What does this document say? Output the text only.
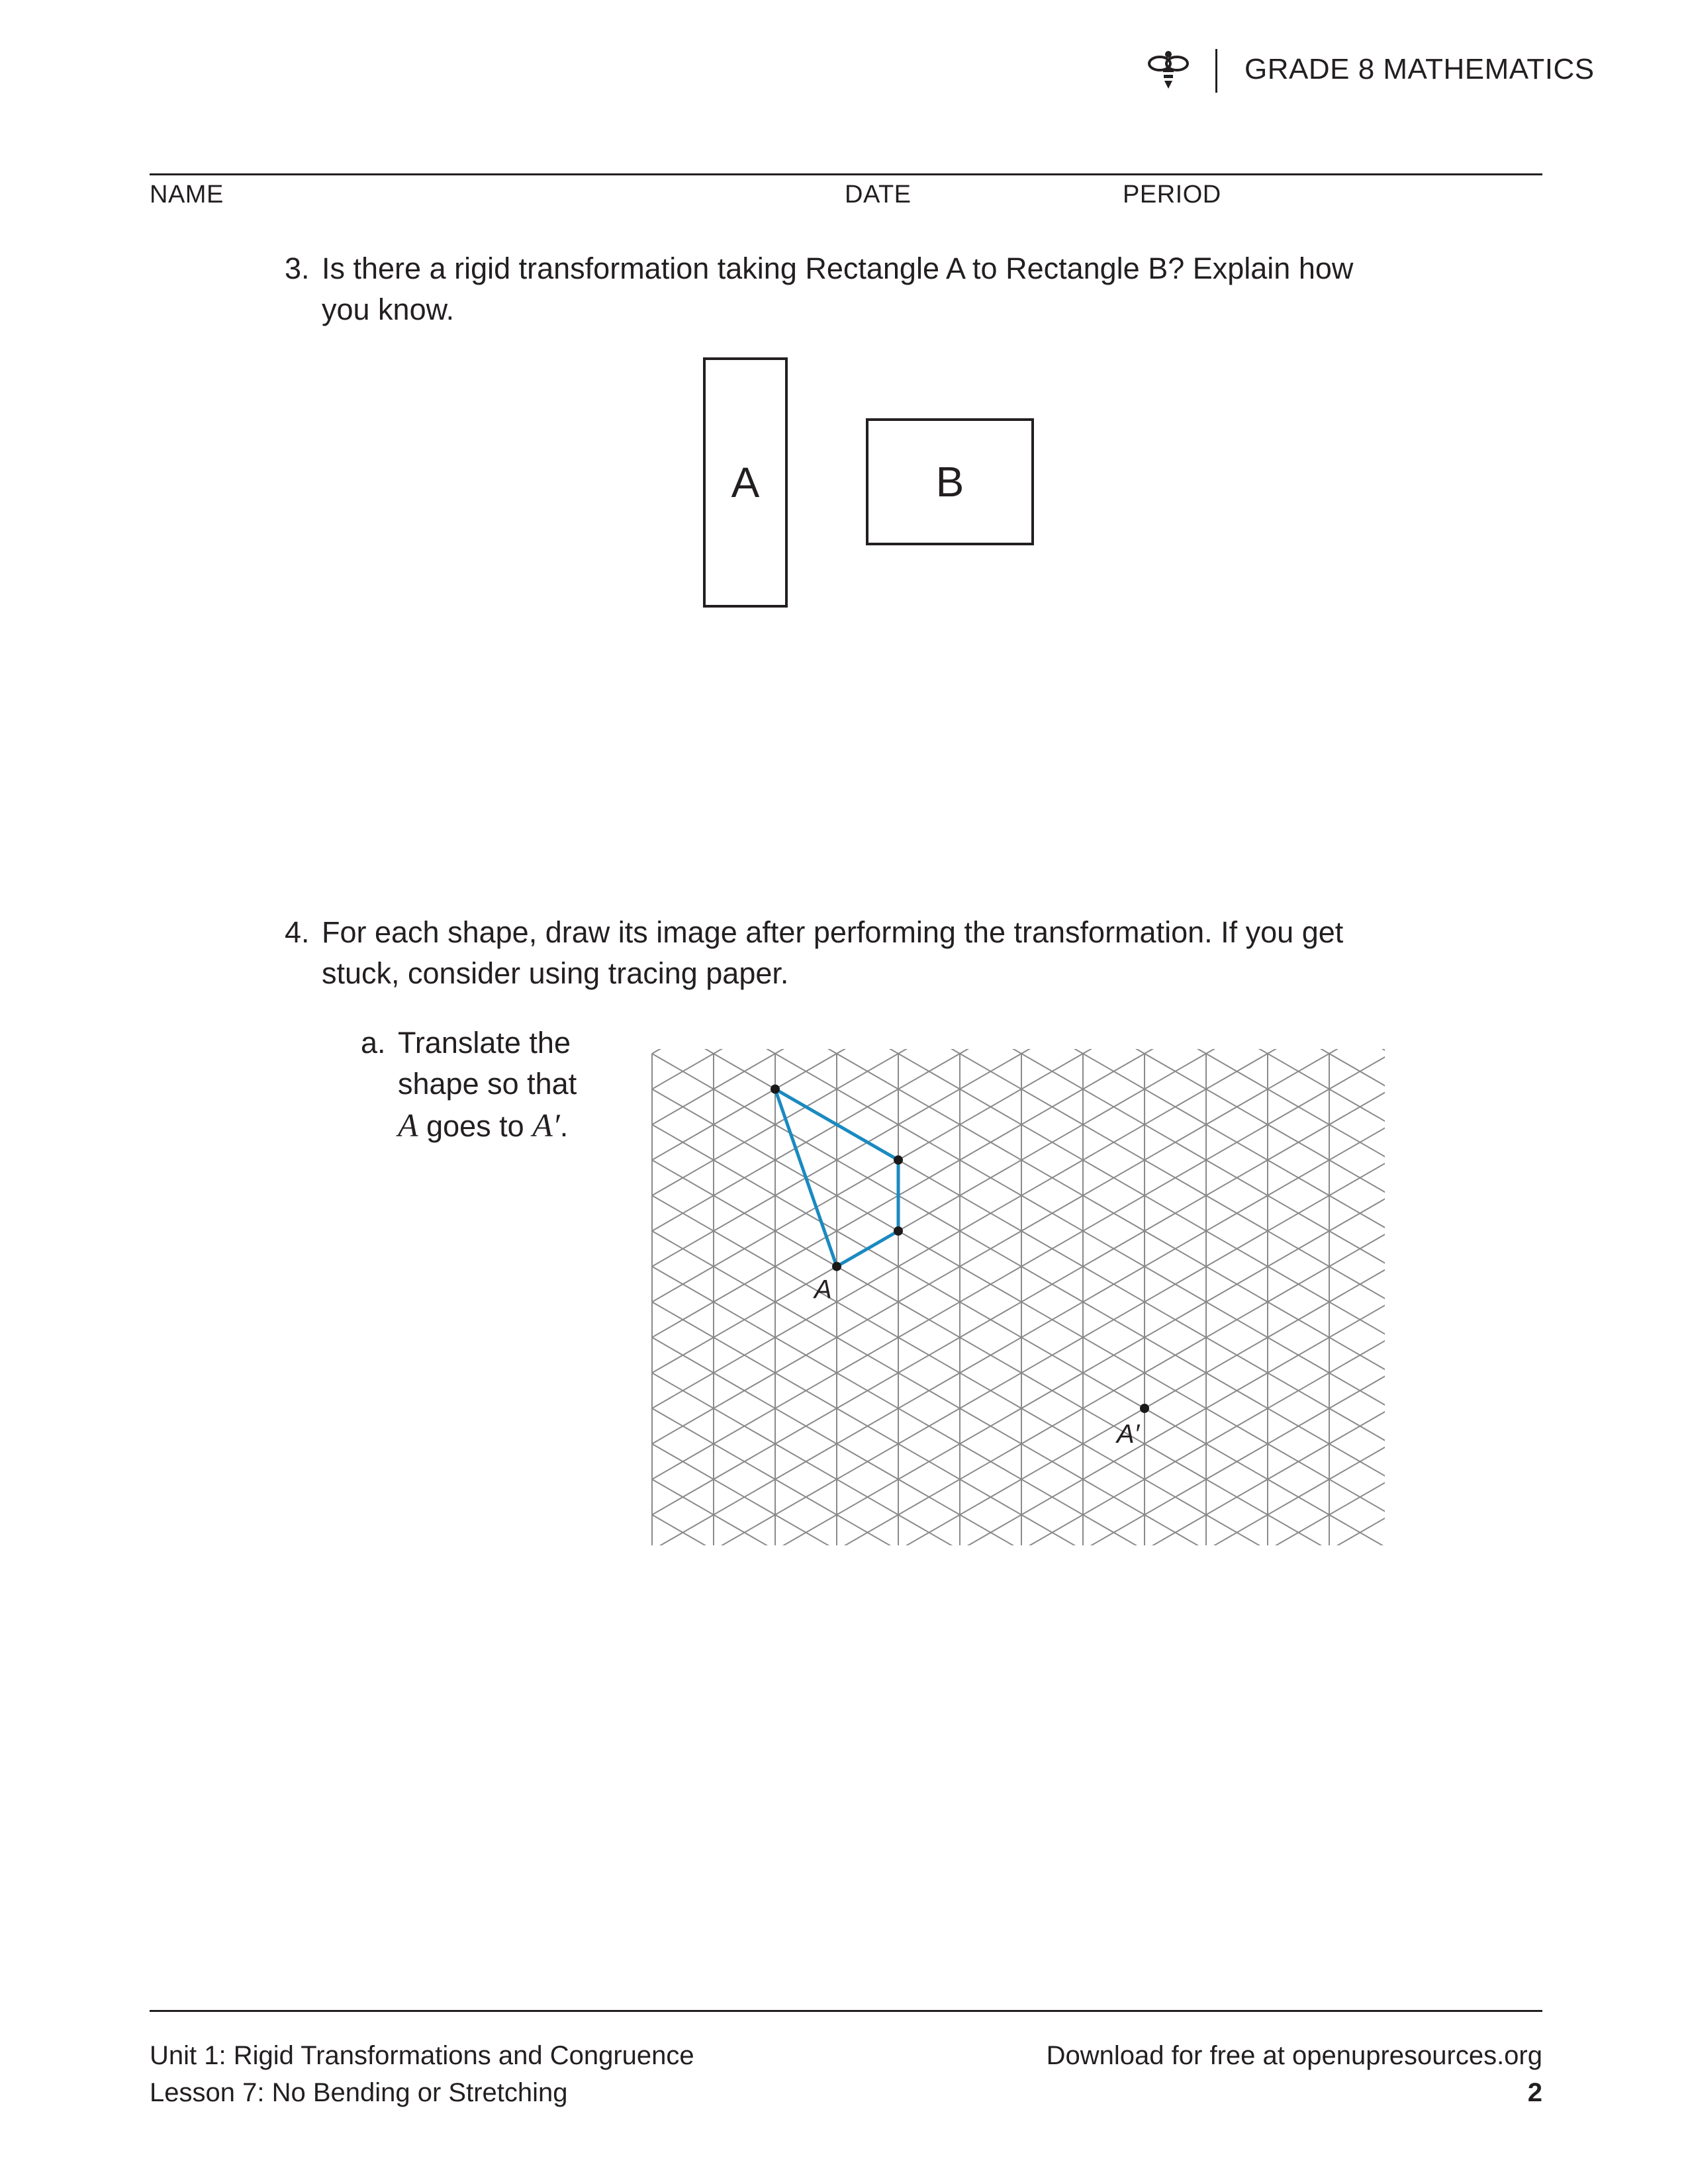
GRADE 8 MATHEMATICS
NAME	DATE	PERIOD
3. Is there a rigid transformation taking Rectangle A to Rectangle B? Explain how you know.
A	B
4. For each shape, draw its image after performing the transformation. If you get stuck, consider using tracing paper.
a. Translate the shape so that A goes to A′.
A
A′
Unit 1: Rigid Transformations and Congruence
Lesson 7: No Bending or Stretching
Download for free at openupresources.org
2
